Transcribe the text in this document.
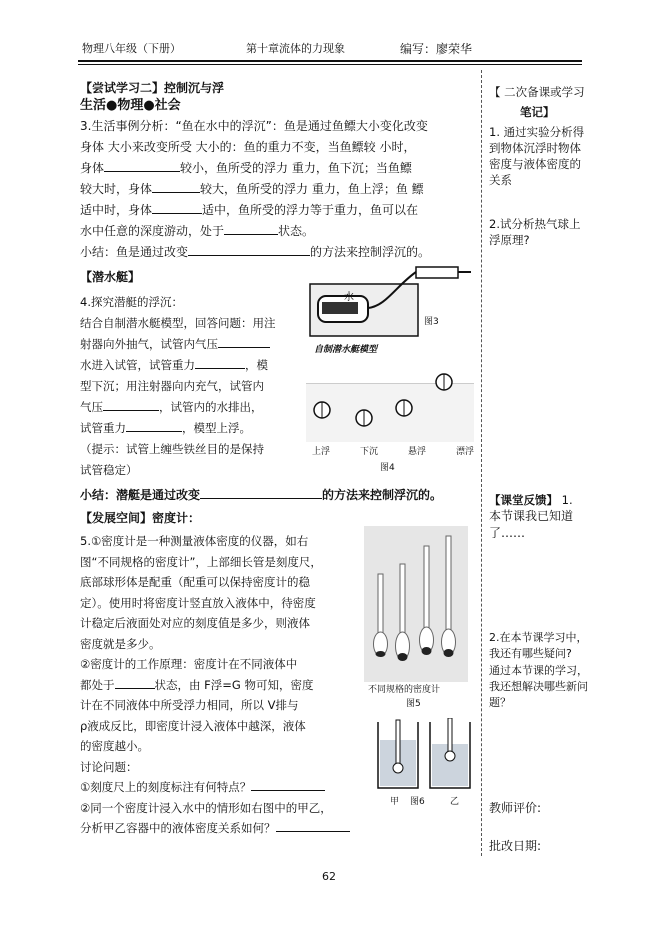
物理八年级（下册）	第十章流体的力现象	编写：廖荣华

【尝试学习二】控制沉与浮

生活●物理●社会

3.生活事例分析：“鱼在水中的浮沉”：鱼是通过鱼鳔大小变化改变

身体 大小来改变所受 大小的：鱼的重力不变，当鱼鳔较 小时，

身体	较小，鱼所受的浮力 重力，鱼下沉；当鱼鳔

较大时，身体	较大，鱼所受的浮力 重力，鱼上浮；鱼 鳔

适中时，身体	适中，鱼所受的浮力等于重力，鱼可以在

水中任意的深度游动，处于	状态。

小结：鱼是通过改变	的方法来控制浮沉的。

【潜水艇】

4.探究潜艇的浮沉：

结合自制潜水艇模型，回答问题：用注

射器向外抽气，试管内气压

水进入试管，试管重力	，模

型下沉；用注射器向内充气，试管内

气压	，试管内的水排出，

试管重力	，模型上浮。

（提示：试管上缠些铁丝目的是保持

试管稳定）

小结：潜艇是通过改变	的方法来控制浮沉的。

【发展空间】密度计：

5.①密度计是一种测量液体密度的仪器，如右

图“不同规格的密度计”，上部细长管是刻度尺，

底部球形体是配重（配重可以保持密度计的稳

定）。使用时将密度计竖直放入液体中，待密度

计稳定后液面处对应的刻度值是多少，则液体

密度就是多少。

②密度计的工作原理：密度计在不同液体中

都处于	状态，由 F浮=G 物可知，密度

计在不同液体中所受浮力相同，所以 V排与

ρ液成反比，即密度计浸入液体中越深，液体

的密度越小。

讨论问题：

①刻度尺上的刻度标注有何特点？

②同一个密度计浸入水中的情形如右图中的甲乙，

分析甲乙容器中的液体密度关系如何？

水
图3
自制潜水艇模型
上浮	下沉	悬浮	漂浮
图4
不同规格的密度计
图5
甲 图6	乙
【 二次备课或学习
笔记】
1. 通过实验分析得到物体沉浮时物体密度与液体密度的关系
2.试分析热气球上浮原理?
【课堂反馈】 1.
本节课我已知道了……
2.在本节课学习中，我还有哪些疑问?
通过本节课的学习，我还想解决哪些新问题？
教师评价:
批改日期:
62
